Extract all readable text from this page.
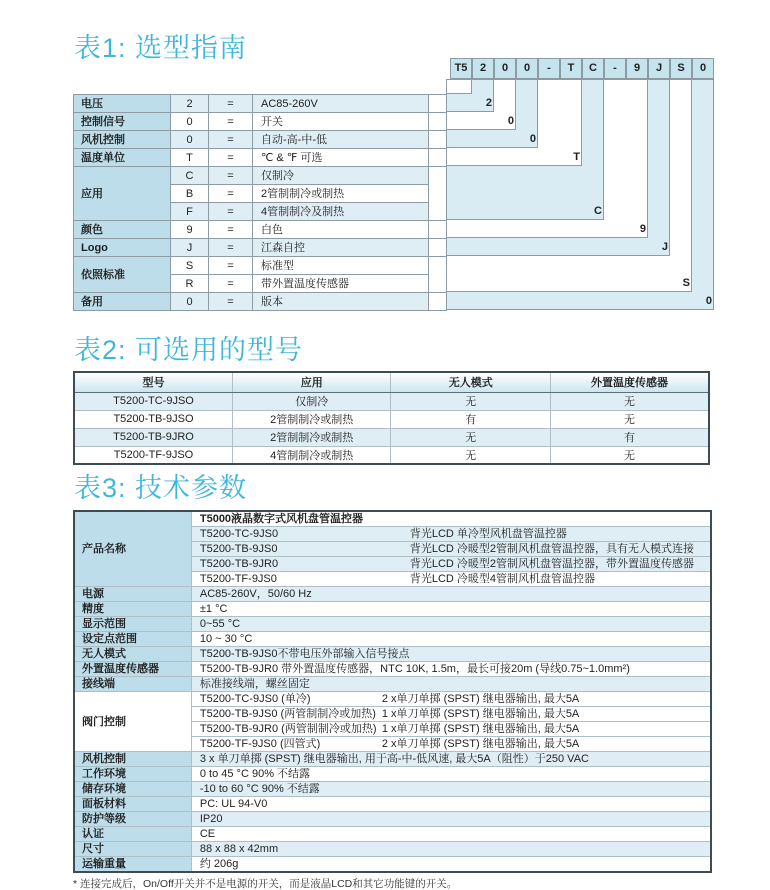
表1: 选型指南
2
0
0
T
C
9
J
S
0
T5	2	0	0	-	T	C	-	9	J	S	0
电压	2	=	AC85-260V	
控制信号	0	=	开关	
风机控制	0	=	自动-高-中-低	
温度单位	T	=	℃ & ℉ 可选	
应用	C	=	仅制冷	
	B	=	2管制制冷或制热	
	F	=	4管制制冷及制热	
颜色	9	=	白色	
Logo	J	=	江森自控	
依照标准	S	=	标准型	
	R	=	带外置温度传感器	
备用	0	=	版本	
表2: 可选用的型号
型号	应用	无人模式	外置温度传感器
T5200-TC-9JSO	仅制冷	无	无
T5200-TB-9JSO	2管制制冷或制热	有	无
T5200-TB-9JRO	2管制制冷或制热	无	有
T5200-TF-9JSO	4管制制冷或制热	无	无
表3: 技术参数
产品名称	T5000液晶数字式风机盘管温控器
	T5200-TC-9JS0 背光LCD 单冷型风机盘管温控器
	T5200-TB-9JS0 背光LCD 冷暖型2管制风机盘管温控器，具有无人模式连接
	T5200-TB-9JR0 背光LCD 冷暖型2管制风机盘管温控器，带外置温度传感器
	T5200-TF-9JS0 背光LCD 冷暖型4管制风机盘管温控器
电源	AC85-260V，50/60 Hz
精度	±1 °C
显示范围	0~55 °C
设定点范围	10 ~ 30 °C
无人模式	T5200-TB-9JS0不带电压外部输入信号接点
外置温度传感器	T5200-TB-9JR0 带外置温度传感器，NTC 10K, 1.5m，最长可接20m (导线0.75~1.0mm²)
接线端	标准接线端，螺丝固定
阀门控制	T5200-TC-9JS0 (单冷) 2 x单刀单掷 (SPST) 继电器输出, 最大5A
	T5200-TB-9JS0 (两管制制冷或加热) 1 x单刀单掷 (SPST) 继电器输出, 最大5A
	T5200-TB-9JR0 (两管制制冷或加热) 1 x单刀单掷 (SPST) 继电器输出, 最大5A
	T5200-TF-9JS0 (四管式) 2 x单刀单掷 (SPST) 继电器输出, 最大5A
风机控制	3 x 单刀单掷 (SPST) 继电器输出, 用于高-中-低风速, 最大5A（阻性）于250 VAC
工作环境	0 to 45 °C 90% 不结露
储存环境	-10 to 60 °C 90% 不结露
面板材料	PC: UL 94-V0
防护等级	IP20
认证	CE
尺寸	88 x 88 x 42mm
运输重量	约 206g
* 连接完成后，On/Off开关并不是电源的开关，而是液晶LCD和其它功能键的开关。
